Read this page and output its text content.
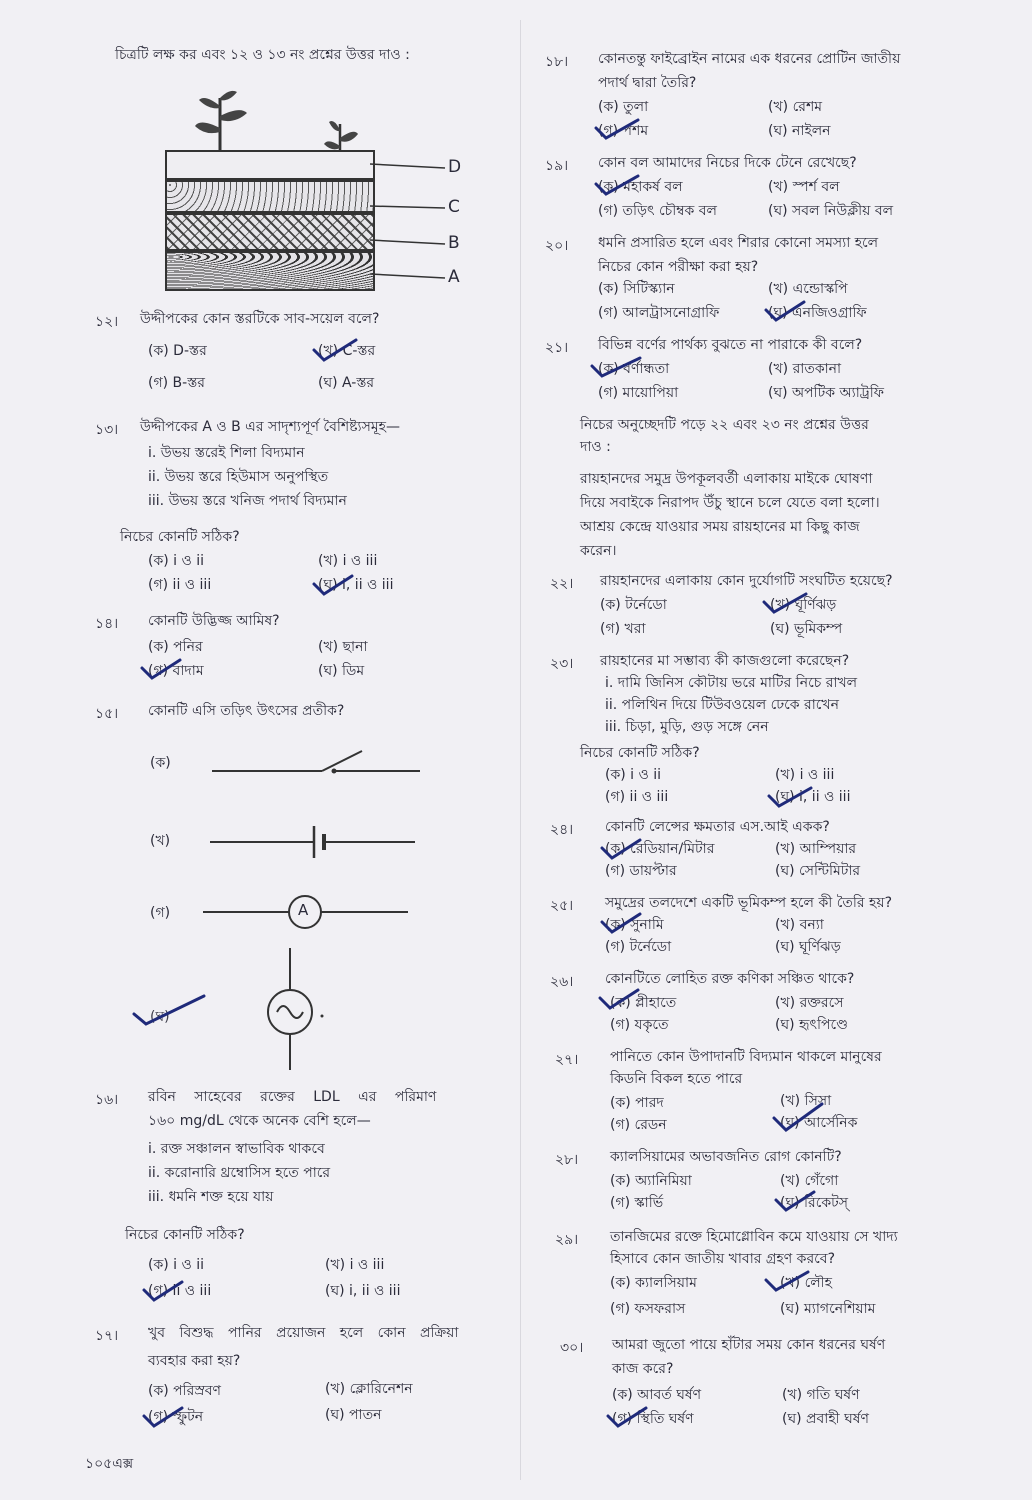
চিত্রটি লক্ষ কর এবং ১২ ও ১৩ নং প্রশ্নের উত্তর দাও :
D
C
B
A
১২। উদ্দীপকের কোন স্তরটিকে সাব-সয়েল বলে?
(ক) D-স্তর	(খ) C-স্তর
(গ) B-স্তর	(ঘ) A-স্তর
১৩। উদ্দীপকের A ও B এর সাদৃশ্যপূর্ণ বৈশিষ্ট্যসমূহ—
i. উভয় স্তরেই শিলা বিদ্যমান
ii. উভয় স্তরে হিউমাস অনুপস্থিত
iii. উভয় স্তরে খনিজ পদার্থ বিদ্যমান
নিচের কোনটি সঠিক?
(ক) i ও ii	(খ) i ও iii
(গ) ii ও iii	(ঘ) i, ii ও iii
১৪। কোনটি উদ্ভিজ্জ আমিষ?
(ক) পনির	(খ) ছানা
(গ) বাদাম	(ঘ) ডিম
১৫। কোনটি এসি তড়িৎ উৎসের প্রতীক?
(ক)
(খ)
(গ)	A
(ঘ)
১৬। রবিন সাহেবের রক্তের LDL এর পরিমাণ
১৬০ mg/dL থেকে অনেক বেশি হলে—
i. রক্ত সঞ্চালন স্বাভাবিক থাকবে
ii. করোনারি থ্রম্বোসিস হতে পারে
iii. ধমনি শক্ত হয়ে যায়
নিচের কোনটি সঠিক?
(ক) i ও ii	(খ) i ও iii
(গ) ii ও iii	(ঘ) i, ii ও iii
১৭। খুব বিশুদ্ধ পানির প্রয়োজন হলে কোন প্রক্রিয়া
ব্যবহার করা হয়?
(ক) পরিস্রবণ	(খ) ক্লোরিনেশন
(গ) স্ফুটন	(ঘ) পাতন
১০৫এক্স
১৮। কোনতন্তু ফাইব্রোইন নামের এক ধরনের প্রোটিন জাতীয়
পদার্থ দ্বারা তৈরি?
(ক) তুলা	(খ) রেশম
(গ) পশম	(ঘ) নাইলন
১৯। কোন বল আমাদের নিচের দিকে টেনে রেখেছে?
(ক) মহাকর্ষ বল	(খ) স্পর্শ বল
(গ) তড়িৎ চৌম্বক বল	(ঘ) সবল নিউক্লীয় বল
২০। ধমনি প্রসারিত হলে এবং শিরার কোনো সমস্যা হলে
নিচের কোন পরীক্ষা করা হয়?
(ক) সিটিস্ক্যান	(খ) এন্ডোস্কপি
(গ) আলট্রাসনোগ্রাফি	(ঘ) এনজিওগ্রাফি
২১। বিভিন্ন বর্ণের পার্থক্য বুঝতে না পারাকে কী বলে?
(ক) বর্ণান্ধতা	(খ) রাতকানা
(গ) মায়োপিয়া	(ঘ) অপটিক অ্যাট্রফি
নিচের অনুচ্ছেদটি পড়ে ২২ এবং ২৩ নং প্রশ্নের উত্তর
দাও :
রায়হানদের সমুদ্র উপকূলবর্তী এলাকায় মাইকে ঘোষণা
দিয়ে সবাইকে নিরাপদ উঁচু স্থানে চলে যেতে বলা হলো।
আশ্রয় কেন্দ্রে যাওয়ার সময় রায়হানের মা কিছু কাজ
করেন।
২২। রায়হানদের এলাকায় কোন দুর্যোগটি সংঘটিত হয়েছে?
(ক) টর্নেডো	(খ) ঘূর্ণিঝড়
(গ) খরা	(ঘ) ভূমিকম্প
২৩। রায়হানের মা সম্ভাব্য কী কাজগুলো করেছেন?
i. দামি জিনিস কৌটায় ভরে মাটির নিচে রাখল
ii. পলিথিন দিয়ে টিউবওয়েল ঢেকে রাখেন
iii. চিড়া, মুড়ি, গুড় সঙ্গে নেন
নিচের কোনটি সঠিক?
(ক) i ও ii	(খ) i ও iii
(গ) ii ও iii	(ঘ) i, ii ও iii
২৪। কোনটি লেন্সের ক্ষমতার এস.আই একক?
(ক) রেডিয়ান/মিটার	(খ) আম্পিয়ার
(গ) ডায়প্টার	(ঘ) সেন্টিমিটার
২৫। সমুদ্রের তলদেশে একটি ভূমিকম্প হলে কী তৈরি হয়?
(ক) সুনামি	(খ) বন্যা
(গ) টর্নেডো	(ঘ) ঘূর্ণিঝড়
২৬। কোনটিতে লোহিত রক্ত কণিকা সঞ্চিত থাকে?
(ক) প্লীহাতে	(খ) রক্তরসে
(গ) যকৃতে	(ঘ) হৃৎপিণ্ডে
২৭। পানিতে কোন উপাদানটি বিদ্যমান থাকলে মানুষের
কিডনি বিকল হতে পারে
(ক) পারদ	(খ) সিসা
(গ) রেডন	(ঘ) আর্সেনিক
২৮। ক্যালসিয়ামের অভাবজনিত রোগ কোনটি?
(ক) অ্যানিমিয়া	(খ) গেঁগো
(গ) স্কার্ভি	(ঘ) রিকেটস্
২৯। তানজিমের রক্তে হিমোগ্লোবিন কমে যাওয়ায় সে খাদ্য
হিসাবে কোন জাতীয় খাবার গ্রহণ করবে?
(ক) ক্যালসিয়াম	(খ) লৌহ
(গ) ফসফরাস	(ঘ) ম্যাগনেশিয়াম
৩০। আমরা জুতো পায়ে হাঁটার সময় কোন ধরনের ঘর্ষণ
কাজ করে?
(ক) আবর্ত ঘর্ষণ	(খ) গতি ঘর্ষণ
(গ) স্থিতি ঘর্ষণ	(ঘ) প্রবাহী ঘর্ষণ
